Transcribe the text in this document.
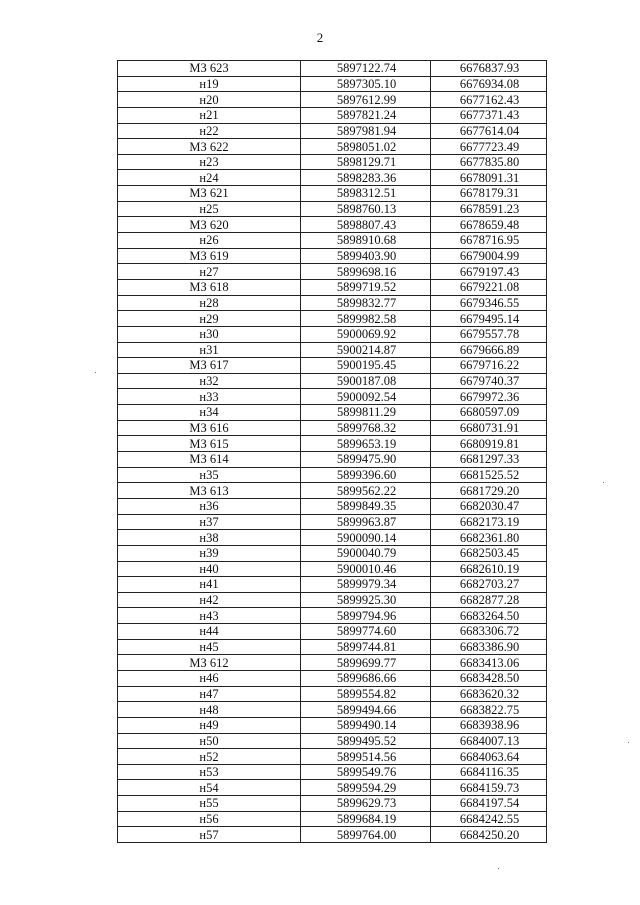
2
МЗ 623	5897122.74	6676837.93
н19	5897305.10	6676934.08
н20	5897612.99	6677162.43
н21	5897821.24	6677371.43
н22	5897981.94	6677614.04
МЗ 622	5898051.02	6677723.49
н23	5898129.71	6677835.80
н24	5898283.36	6678091.31
МЗ 621	5898312.51	6678179.31
н25	5898760.13	6678591.23
МЗ 620	5898807.43	6678659.48
н26	5898910.68	6678716.95
МЗ 619	5899403.90	6679004.99
н27	5899698.16	6679197.43
МЗ 618	5899719.52	6679221.08
н28	5899832.77	6679346.55
н29	5899982.58	6679495.14
н30	5900069.92	6679557.78
н31	5900214.87	6679666.89
МЗ 617	5900195.45	6679716.22
н32	5900187.08	6679740.37
н33	5900092.54	6679972.36
н34	5899811.29	6680597.09
МЗ 616	5899768.32	6680731.91
МЗ 615	5899653.19	6680919.81
МЗ 614	5899475.90	6681297.33
н35	5899396.60	6681525.52
МЗ 613	5899562.22	6681729.20
н36	5899849.35	6682030.47
н37	5899963.87	6682173.19
н38	5900090.14	6682361.80
н39	5900040.79	6682503.45
н40	5900010.46	6682610.19
н41	5899979.34	6682703.27
н42	5899925.30	6682877.28
н43	5899794.96	6683264.50
н44	5899774.60	6683306.72
н45	5899744.81	6683386.90
МЗ 612	5899699.77	6683413.06
н46	5899686.66	6683428.50
н47	5899554.82	6683620.32
н48	5899494.66	6683822.75
н49	5899490.14	6683938.96
н50	5899495.52	6684007.13
н52	5899514.56	6684063.64
н53	5899549.76	6684116.35
н54	5899594.29	6684159.73
н55	5899629.73	6684197.54
н56	5899684.19	6684242.55
н57	5899764.00	6684250.20
